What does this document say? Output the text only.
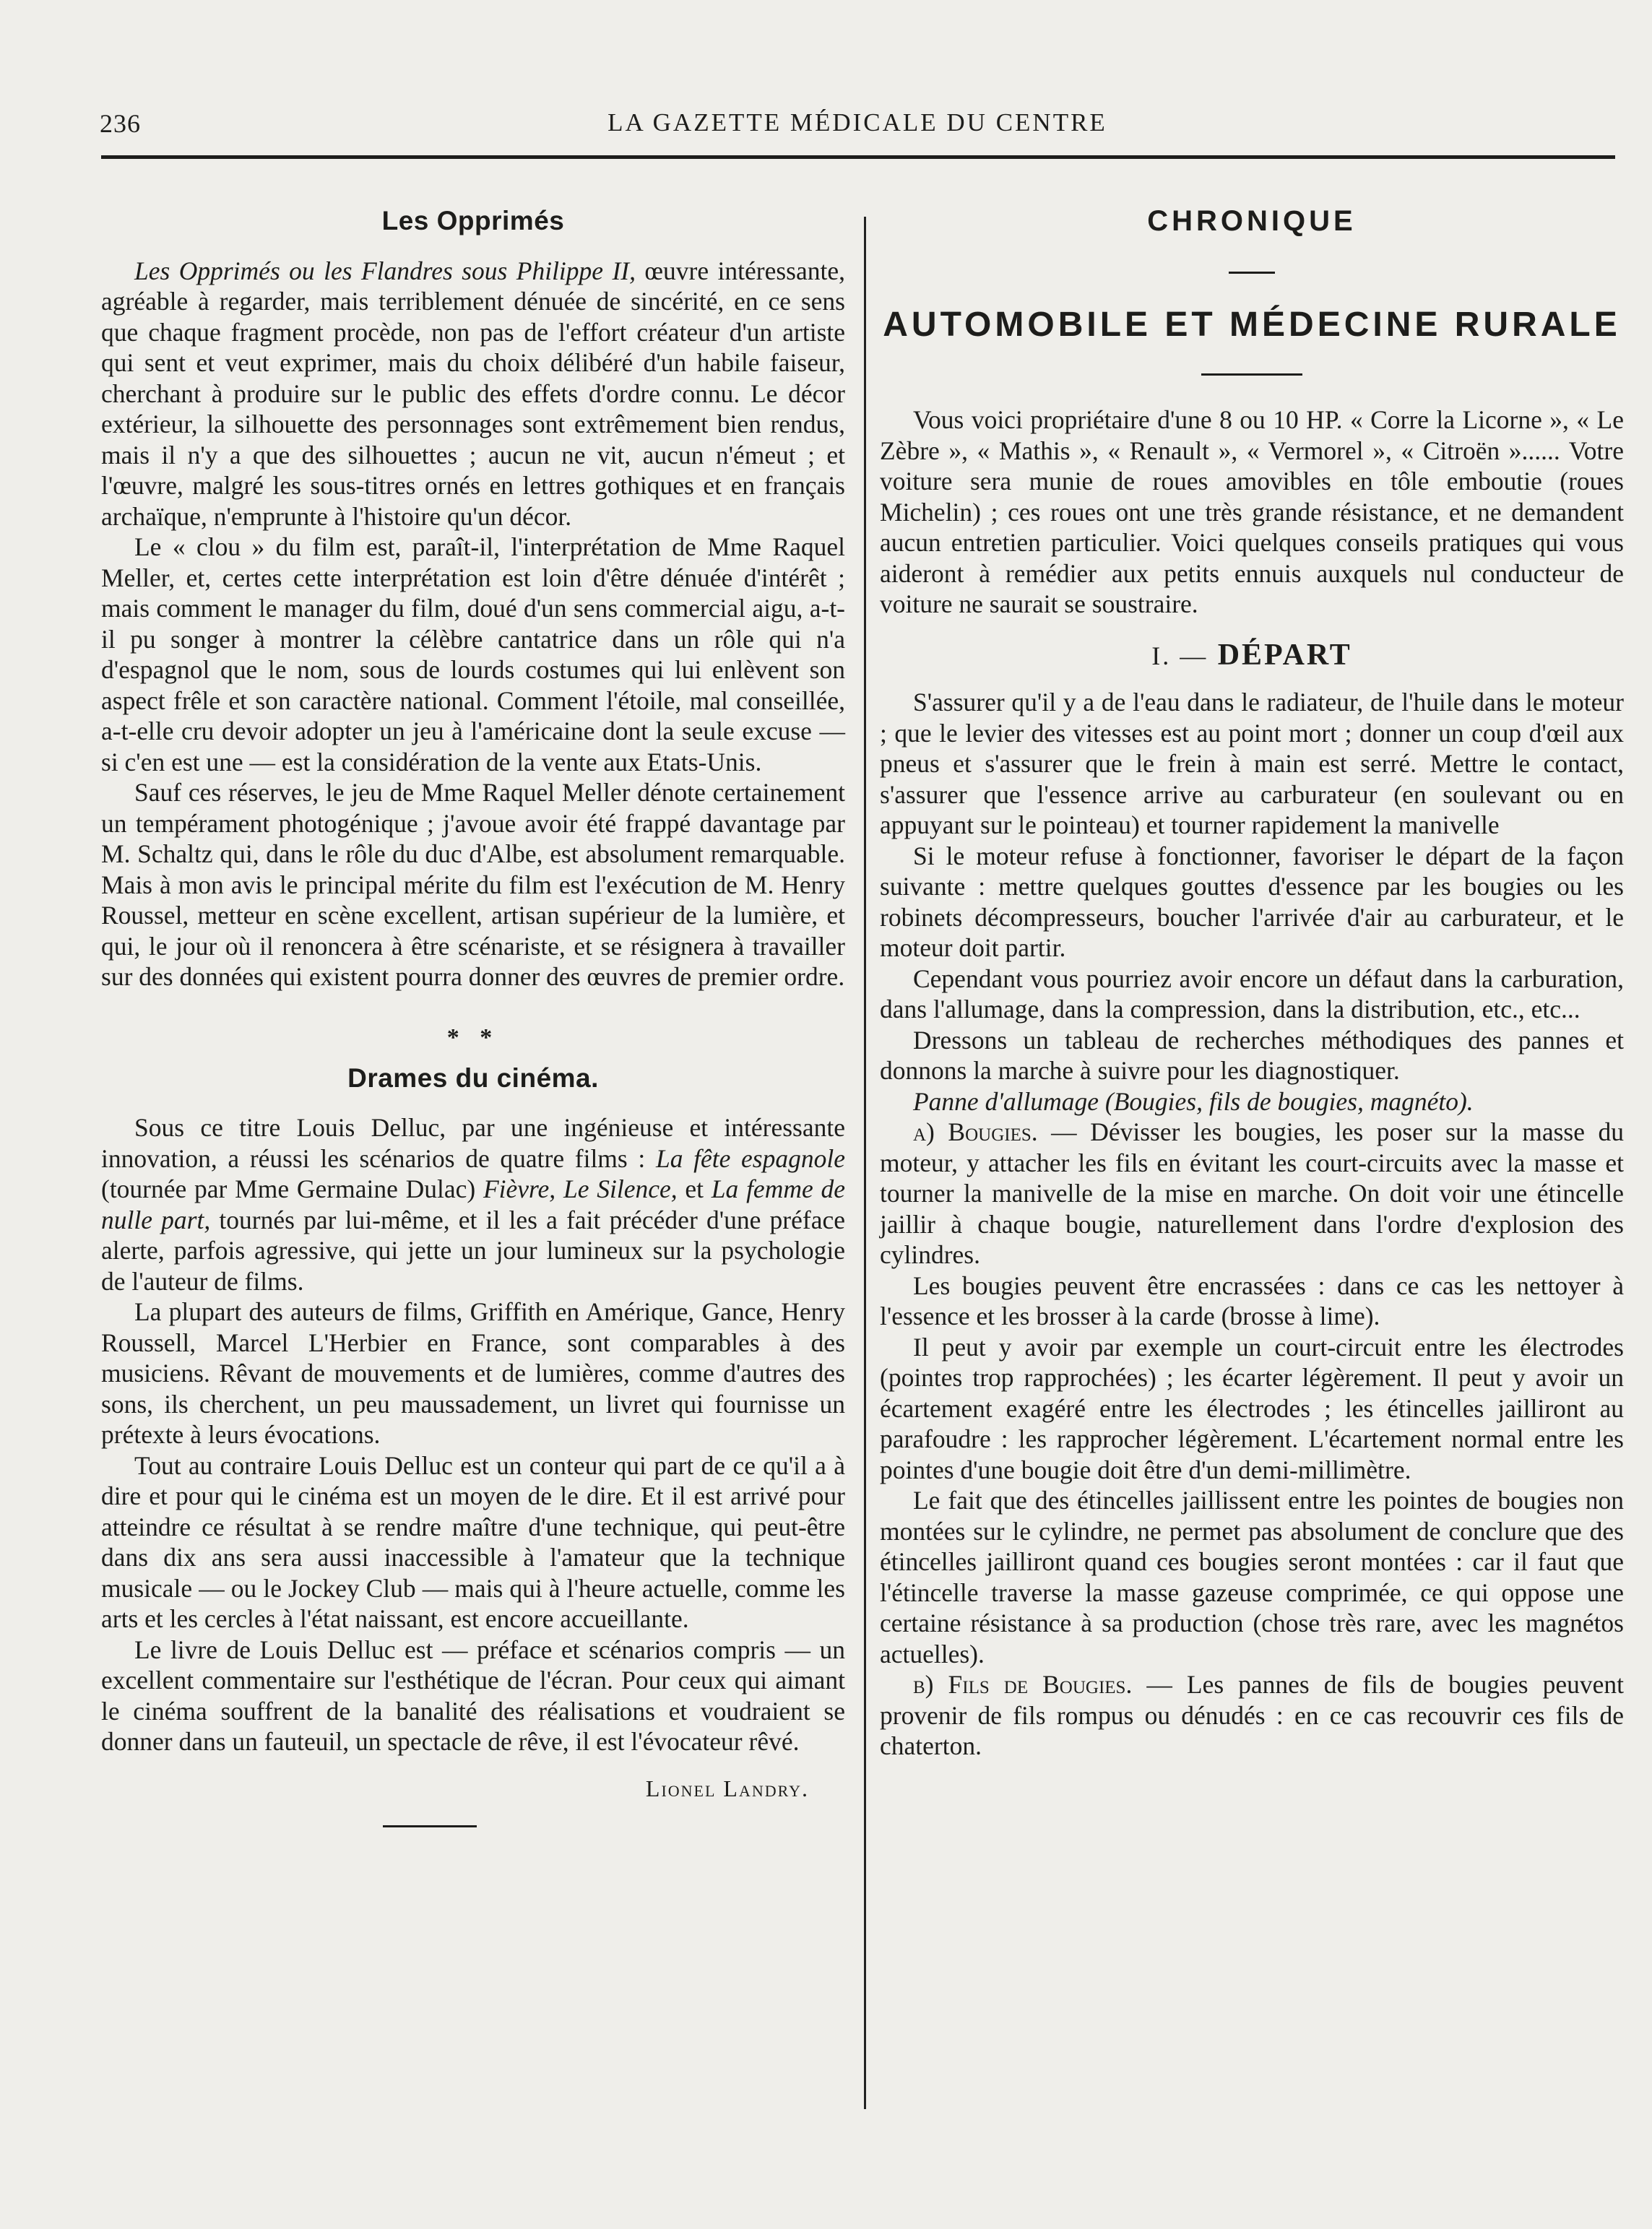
236	LA GAZETTE MÉDICALE DU CENTRE
Les Opprimés

Les Opprimés ou les Flandres sous Philippe II, œuvre intéressante, agréable à regarder, mais terriblement dénuée de sincérité, en ce sens que chaque fragment procède, non pas de l'effort créateur d'un artiste qui sent et veut exprimer, mais du choix délibéré d'un habile faiseur, cherchant à produire sur le public des effets d'ordre connu. Le décor extérieur, la silhouette des personnages sont extrêmement bien rendus, mais il n'y a que des silhouettes ; aucun ne vit, aucun n'émeut ; et l'œuvre, malgré les sous-titres ornés en lettres gothiques et en français archaïque, n'emprunte à l'histoire qu'un décor.

Le « clou » du film est, paraît-il, l'interprétation de Mme Raquel Meller, et, certes cette interprétation est loin d'être dénuée d'intérêt ; mais comment le manager du film, doué d'un sens commercial aigu, a-t-il pu songer à montrer la célèbre cantatrice dans un rôle qui n'a d'espagnol que le nom, sous de lourds costumes qui lui enlèvent son aspect frêle et son caractère national. Comment l'étoile, mal conseillée, a-t-elle cru devoir adopter un jeu à l'américaine dont la seule excuse — si c'en est une — est la considération de la vente aux Etats-Unis.

Sauf ces réserves, le jeu de Mme Raquel Meller dénote certainement un tempérament photogénique ; j'avoue avoir été frappé davantage par M. Schaltz qui, dans le rôle du duc d'Albe, est absolument remarquable. Mais à mon avis le principal mérite du film est l'exécution de M. Henry Roussel, metteur en scène excellent, artisan supérieur de la lumière, et qui, le jour où il renoncera à être scénariste, et se résignera à travailler sur des données qui existent pourra donner des œuvres de premier ordre.

* *
Drames du cinéma.

Sous ce titre Louis Delluc, par une ingénieuse et intéressante innovation, a réussi les scénarios de quatre films : La fête espagnole (tournée par Mme Germaine Dulac) Fièvre, Le Silence, et La femme de nulle part, tournés par lui-même, et il les a fait précéder d'une préface alerte, parfois agressive, qui jette un jour lumineux sur la psychologie de l'auteur de films.

La plupart des auteurs de films, Griffith en Amérique, Gance, Henry Roussell, Marcel L'Herbier en France, sont comparables à des musiciens. Rêvant de mouvements et de lumières, comme d'autres des sons, ils cherchent, un peu maussadement, un livret qui fournisse un prétexte à leurs évocations.

Tout au contraire Louis Delluc est un conteur qui part de ce qu'il a à dire et pour qui le cinéma est un moyen de le dire. Et il est arrivé pour atteindre ce résultat à se rendre maître d'une technique, qui peut-être dans dix ans sera aussi inaccessible à l'amateur que la technique musicale — ou le Jockey Club — mais qui à l'heure actuelle, comme les arts et les cercles à l'état naissant, est encore accueillante.

Le livre de Louis Delluc est — préface et scénarios compris — un excellent commentaire sur l'esthétique de l'écran. Pour ceux qui aimant le cinéma souffrent de la banalité des réalisations et voudraient se donner dans un fauteuil, un spectacle de rêve, il est l'évocateur rêvé.

Lionel Landry.
CHRONIQUE
AUTOMOBILE ET MÉDECINE RURALE

Vous voici propriétaire d'une 8 ou 10 HP. « Corre la Licorne », « Le Zèbre », « Mathis », « Renault », « Vermorel », « Citroën »...... Votre voiture sera munie de roues amovibles en tôle emboutie (roues Michelin) ; ces roues ont une très grande résistance, et ne demandent aucun entretien particulier. Voici quelques conseils pratiques qui vous aideront à remédier aux petits ennuis auxquels nul conducteur de voiture ne saurait se soustraire.

I. — DÉPART

S'assurer qu'il y a de l'eau dans le radiateur, de l'huile dans le moteur ; que le levier des vitesses est au point mort ; donner un coup d'œil aux pneus et s'assurer que le frein à main est serré. Mettre le contact, s'assurer que l'essence arrive au carburateur (en soulevant ou en appuyant sur le pointeau) et tourner rapidement la manivelle

Si le moteur refuse à fonctionner, favoriser le départ de la façon suivante : mettre quelques gouttes d'essence par les bougies ou les robinets décompresseurs, boucher l'arrivée d'air au carburateur, et le moteur doit partir.

Cependant vous pourriez avoir encore un défaut dans la carburation, dans l'allumage, dans la compression, dans la distribution, etc., etc...

Dressons un tableau de recherches méthodiques des pannes et donnons la marche à suivre pour les diagnostiquer.

Panne d'allumage (Bougies, fils de bougies, magnéto).

a) Bougies. — Dévisser les bougies, les poser sur la masse du moteur, y attacher les fils en évitant les court-circuits avec la masse et tourner la manivelle de la mise en marche. On doit voir une étincelle jaillir à chaque bougie, naturellement dans l'ordre d'explosion des cylindres.

Les bougies peuvent être encrassées : dans ce cas les nettoyer à l'essence et les brosser à la carde (brosse à lime).

Il peut y avoir par exemple un court-circuit entre les électrodes (pointes trop rapprochées) ; les écarter légèrement. Il peut y avoir un écartement exagéré entre les électrodes ; les étincelles jailliront au parafoudre : les rapprocher légèrement. L'écartement normal entre les pointes d'une bougie doit être d'un demi-millimètre.

Le fait que des étincelles jaillissent entre les pointes de bougies non montées sur le cylindre, ne permet pas absolument de conclure que des étincelles jailliront quand ces bougies seront montées : car il faut que l'étincelle traverse la masse gazeuse comprimée, ce qui oppose une certaine résistance à sa production (chose très rare, avec les magnétos actuelles).

b) Fils de Bougies. — Les pannes de fils de bougies peuvent provenir de fils rompus ou dénudés : en ce cas recouvrir ces fils de chaterton.
